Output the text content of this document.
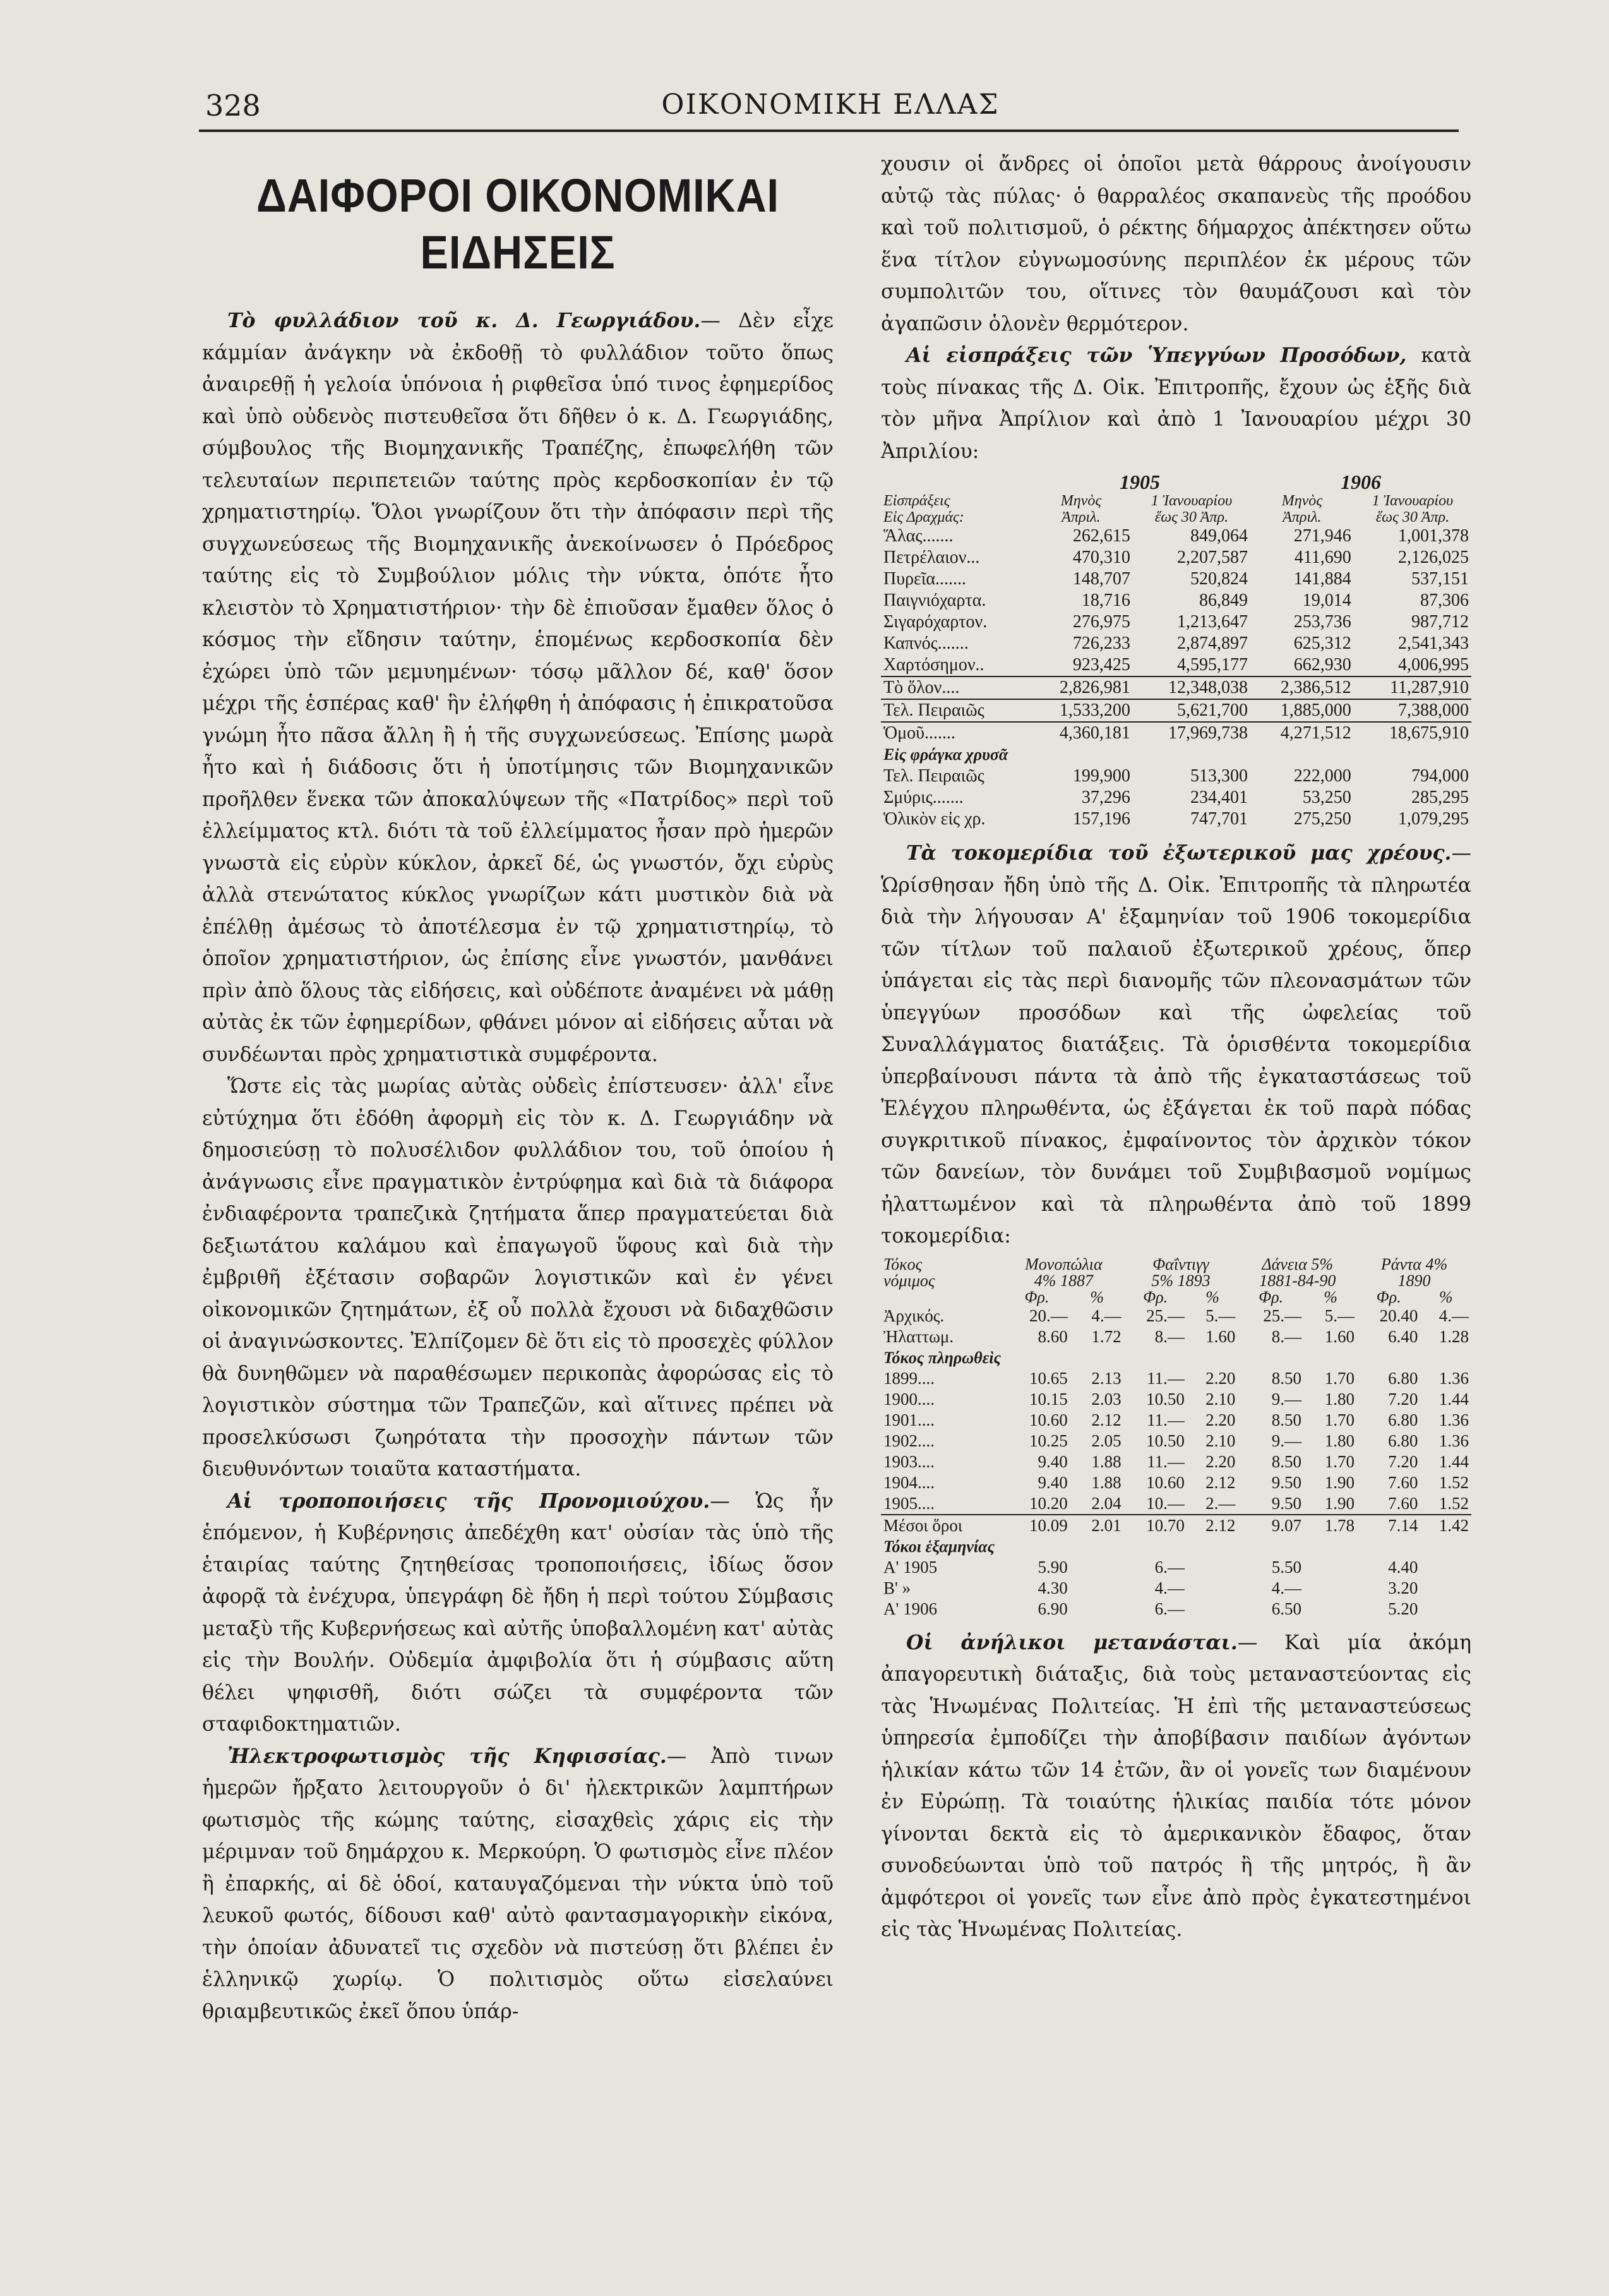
328	ΟΙΚΟΝΟΜΙΚΗ ΕΛΛΑΣ
ΔΑΙΦΟΡΟΙ ΟΙΚΟΝΟΜΙΚΑΙ ΕΙΔΗΣΕΙΣ

Τὸ φυλλάδιον τοῦ κ. Δ. Γεωργιάδου.— Δὲν εἶχε κάμμίαν ἀνάγκην νὰ ἐκδοθῇ τὸ φυλλάδιον τοῦτο ὅπως ἀναιρεθῇ ἡ γελοία ὑπόνοια ἡ ριφθεῖσα ὑπό τινος ἐφημερίδος καὶ ὑπὸ οὐδενὸς πιστευθεῖσα ὅτι δῆθεν ὁ κ. Δ. Γεωργιάδης, σύμβουλος τῆς Βιομηχανικῆς Τραπέζης, ἐπωφελήθη τῶν τελευταίων περιπετειῶν ταύτης πρὸς κερδοσκοπίαν ἐν τῷ χρηματιστηρίῳ. Ὅλοι γνωρίζουν ὅτι τὴν ἀπόφασιν περὶ τῆς συγχωνεύσεως τῆς Βιομηχανικῆς ἀνεκοίνωσεν ὁ Πρόεδρος ταύτης εἰς τὸ Συμβούλιον μόλις τὴν νύκτα, ὁπότε ἦτο κλειστὸν τὸ Χρηματιστήριον· τὴν δὲ ἐπιοῦσαν ἔμαθεν ὅλος ὁ κόσμος τὴν εἴδησιν ταύτην, ἑπομένως κερδοσκοπία δὲν ἐχώρει ὑπὸ τῶν μεμυημένων· τόσῳ μᾶλλον δέ, καθ' ὅσον μέχρι τῆς ἑσπέρας καθ' ἣν ἐλήφθη ἡ ἀπόφασις ἡ ἐπικρατοῦσα γνώμη ἦτο πᾶσα ἄλλη ἢ ἡ τῆς συγχωνεύσεως. Ἐπίσης μωρὰ ἦτο καὶ ἡ διάδοσις ὅτι ἡ ὑποτίμησις τῶν Βιομηχανικῶν προῆλθεν ἕνεκα τῶν ἀποκαλύψεων τῆς «Πατρίδος» περὶ τοῦ ἐλλείμματος κτλ. διότι τὰ τοῦ ἐλλείμματος ἦσαν πρὸ ἡμερῶν γνωστὰ εἰς εὐρὺν κύκλον, ἀρκεῖ δέ, ὡς γνωστόν, ὄχι εὐρὺς ἀλλὰ στενώτατος κύκλος γνωρίζων κάτι μυστικὸν διὰ νὰ ἐπέλθῃ ἀμέσως τὸ ἀποτέλεσμα ἐν τῷ χρηματιστηρίῳ, τὸ ὁποῖον χρηματιστήριον, ὡς ἐπίσης εἶνε γνωστόν, μανθάνει πρὶν ἀπὸ ὅλους τὰς εἰδήσεις, καὶ οὐδέποτε ἀναμένει νὰ μάθῃ αὐτὰς ἐκ τῶν ἐφημερίδων, φθάνει μόνον αἱ εἰδήσεις αὗται νὰ συνδέωνται πρὸς χρηματιστικὰ συμφέροντα.

Ὥστε εἰς τὰς μωρίας αὐτὰς οὐδεὶς ἐπίστευσεν· ἀλλ' εἶνε εὐτύχημα ὅτι ἐδόθη ἀφορμὴ εἰς τὸν κ. Δ. Γεωργιάδην νὰ δημοσιεύσῃ τὸ πολυσέλιδον φυλλάδιον του, τοῦ ὁποίου ἡ ἀνάγνωσις εἶνε πραγματικὸν ἐντρύφημα καὶ διὰ τὰ διάφορα ἐνδιαφέροντα τραπεζικὰ ζητήματα ἅπερ πραγματεύεται διὰ δεξιωτάτου καλάμου καὶ ἐπαγωγοῦ ὕφους καὶ διὰ τὴν ἐμβριθῆ ἐξέτασιν σοβαρῶν λογιστικῶν καὶ ἐν γένει οἰκονομικῶν ζητημάτων, ἐξ οὗ πολλὰ ἔχουσι νὰ διδαχθῶσιν οἱ ἀναγινώσκοντες. Ἐλπίζομεν δὲ ὅτι εἰς τὸ προσεχὲς φύλλον θὰ δυνηθῶμεν νὰ παραθέσωμεν περικοπὰς ἀφορώσας εἰς τὸ λογιστικὸν σύστημα τῶν Τραπεζῶν, καὶ αἵτινες πρέπει νὰ προσελκύσωσι ζωηρότατα τὴν προσοχὴν πάντων τῶν διευθυνόντων τοιαῦτα καταστήματα.

Αἱ τροποποιήσεις τῆς Προνομιούχου.— Ὡς ἦν ἑπόμενον, ἡ Κυβέρνησις ἀπεδέχθη κατ' οὐσίαν τὰς ὑπὸ τῆς ἑταιρίας ταύτης ζητηθείσας τροποποιήσεις, ἰδίως ὅσον ἀφορᾷ τὰ ἐνέχυρα, ὑπεγράφη δὲ ἤδη ἡ περὶ τούτου Σύμβασις μεταξὺ τῆς Κυβερνήσεως καὶ αὐτῆς ὑποβαλλομένη κατ' αὐτὰς εἰς τὴν Βουλήν. Οὐδεμία ἀμφιβολία ὅτι ἡ σύμβασις αὕτη θέλει ψηφισθῆ, διότι σώζει τὰ συμφέροντα τῶν σταφιδοκτηματιῶν.

Ἠλεκτροφωτισμὸς τῆς Κηφισσίας.— Ἀπὸ τινων ἡμερῶν ἤρξατο λειτουργοῦν ὁ δι' ἠλεκτρικῶν λαμπτήρων φωτισμὸς τῆς κώμης ταύτης, εἰσαχθεὶς χάρις εἰς τὴν μέριμναν τοῦ δημάρχου κ. Μερκούρη. Ὁ φωτισμὸς εἶνε πλέον ἢ ἐπαρκής, αἱ δὲ ὁδοί, καταυγαζόμεναι τὴν νύκτα ὑπὸ τοῦ λευκοῦ φωτός, δίδουσι καθ' αὐτὸ φαντασμαγορικὴν εἰκόνα, τὴν ὁποίαν ἀδυνατεῖ τις σχεδὸν νὰ πιστεύσῃ ὅτι βλέπει ἐν ἑλληνικῷ χωρίῳ. Ὁ πολιτισμὸς οὕτω εἰσελαύνει θριαμβευτικῶς ἐκεῖ ὅπου ὑπάρ-

χουσιν οἱ ἄνδρες οἱ ὁποῖοι μετὰ θάρρους ἀνοίγουσιν αὐτῷ τὰς πύλας· ὁ θαρραλέος σκαπανεὺς τῆς προόδου καὶ τοῦ πολιτισμοῦ, ὁ ρέκτης δήμαρχος ἀπέκτησεν οὕτω ἕνα τίτλον εὐγνωμοσύνης περιπλέον ἐκ μέρους τῶν συμπολιτῶν του, οἵτινες τὸν θαυμάζουσι καὶ τὸν ἀγαπῶσιν ὁλονὲν θερμότερον.

Αἱ εἰσπράξεις τῶν Ὑπεγγύων Προσόδων, κατὰ τοὺς πίνακας τῆς Δ. Οἰκ. Ἐπιτροπῆς, ἔχουν ὡς ἑξῆς διὰ τὸν μῆνα Ἀπρίλιον καὶ ἀπὸ 1 Ἰανουαρίου μέχρι 30 Ἀπριλίου:

	1905		1906	
Εἰσπράξεις	Μηνὸς	1 Ἰανουαρίου	Μηνὸς	1 Ἰανουαρίου
Εἰς Δραχμάς:	Ἀπριλ.	ἕως 30 Ἀπρ.	Ἀπριλ.	ἕως 30 Ἀπρ.
Ἅλας.......	262,615	849,064	271,946	1,001,378
Πετρέλαιον...	470,310	2,207,587	411,690	2,126,025
Πυρεῖα.......	148,707	520,824	141,884	537,151
Παιγνιόχαρτα.	18,716	86,849	19,014	87,306
Σιγαρόχαρτον.	276,975	1,213,647	253,736	987,712
Καπνός.......	726,233	2,874,897	625,312	2,541,343
Χαρτόσημον..	923,425	4,595,177	662,930	4,006,995
Τὸ ὅλον....	2,826,981	12,348,038	2,386,512	11,287,910
Τελ. Πειραιῶς	1,533,200	5,621,700	1,885,000	7,388,000
Ὁμοῦ.......	4,360,181	17,969,738	4,271,512	18,675,910
Εἰς φράγκα χρυσᾶ				
Τελ. Πειραιῶς	199,900	513,300	222,000	794,000
Σμύρις.......	37,296	234,401	53,250	285,295
Ὁλικὸν εἰς χρ.	157,196	747,701	275,250	1,079,295

Τὰ τοκομερίδια τοῦ ἐξωτερικοῦ μας χρέους.— Ὡρίσθησαν ἤδη ὑπὸ τῆς Δ. Οἰκ. Ἐπιτροπῆς τὰ πληρωτέα διὰ τὴν λήγουσαν Α' ἑξαμηνίαν τοῦ 1906 τοκομερίδια τῶν τίτλων τοῦ παλαιοῦ ἐξωτερικοῦ χρέους, ὅπερ ὑπάγεται εἰς τὰς περὶ διανομῆς τῶν πλεονασμάτων τῶν ὑπεγγύων προσόδων καὶ τῆς ὠφελείας τοῦ Συναλλάγματος διατάξεις. Τὰ ὁρισθέντα τοκομερίδια ὑπερβαίνουσι πάντα τὰ ἀπὸ τῆς ἐγκαταστάσεως τοῦ Ἐλέγχου πληρωθέντα, ὡς ἐξάγεται ἐκ τοῦ παρὰ πόδας συγκριτικοῦ πίνακος, ἐμφαίνοντος τὸν ἀρχικὸν τόκον τῶν δανείων, τὸν δυνάμει τοῦ Συμβιβασμοῦ νομίμως ἠλαττωμένον καὶ τὰ πληρωθέντα ἀπὸ τοῦ 1899 τοκομερίδια:

Τόκος	Μονοπώλια		Φαΐντιγγ		Δάνεια 5%		Ράντα 4%	
νόμιμος	4% 1887		5% 1893		1881-84-90		1890	
	Φρ.	%	Φρ.	%	Φρ.	%	Φρ.	%
Ἀρχικός.	20.—	4.—	25.—	5.—	25.—	5.—	20.40	4.—
Ἠλαττωμ.	8.60	1.72	8.—	1.60	8.—	1.60	6.40	1.28
Τόκος πληρωθεὶς								
1899....	10.65	2.13	11.—	2.20	8.50	1.70	6.80	1.36
1900....	10.15	2.03	10.50	2.10	9.—	1.80	7.20	1.44
1901....	10.60	2.12	11.—	2.20	8.50	1.70	6.80	1.36
1902....	10.25	2.05	10.50	2.10	9.—	1.80	6.80	1.36
1903....	9.40	1.88	11.—	2.20	8.50	1.70	7.20	1.44
1904....	9.40	1.88	10.60	2.12	9.50	1.90	7.60	1.52
1905....	10.20	2.04	10.—	2.—	9.50	1.90	7.60	1.52
Μέσοι ὅροι	10.09	2.01	10.70	2.12	9.07	1.78	7.14	1.42
Τόκοι ἑξαμηνίας								
Α' 1905	5.90		6.—		5.50		4.40	
Β' »	4.30		4.—		4.—		3.20	
Α' 1906	6.90		6.—		6.50		5.20	

Οἱ ἀνήλικοι μετανάσται.— Καὶ μία ἀκόμη ἀπαγορευτικὴ διάταξις, διὰ τοὺς μεταναστεύοντας εἰς τὰς Ἡνωμένας Πολιτείας. Ἡ ἐπὶ τῆς μεταναστεύσεως ὑπηρεσία ἐμποδίζει τὴν ἀποβίβασιν παιδίων ἀγόντων ἡλικίαν κάτω τῶν 14 ἐτῶν, ἂν οἱ γονεῖς των διαμένουν ἐν Εὐρώπῃ. Τὰ τοιαύτης ἡλικίας παιδία τότε μόνον γίνονται δεκτὰ εἰς τὸ ἀμερικανικὸν ἔδαφος, ὅταν συνοδεύωνται ὑπὸ τοῦ πατρός ἢ τῆς μητρός, ἢ ἂν ἀμφότεροι οἱ γονεῖς των εἶνε ἀπὸ πρὸς ἐγκατεστημένοι εἰς τὰς Ἡνωμένας Πολιτείας.
